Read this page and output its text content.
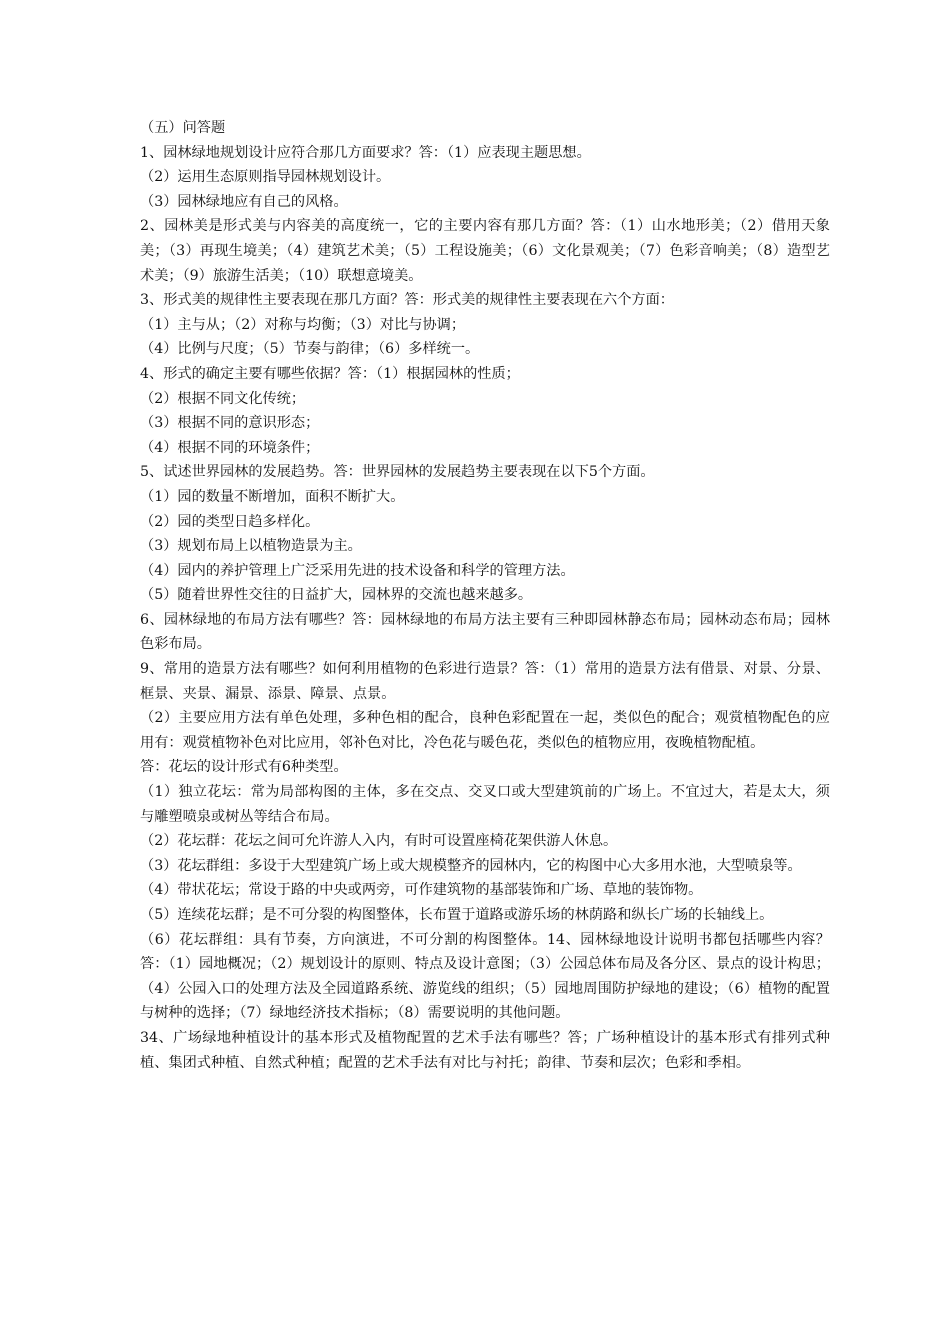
（五）问答题
1、园林绿地规划设计应符合那几方面要求？答：（1）应表现主题思想。
（2）运用生态原则指导园林规划设计。
（3）园林绿地应有自己的风格。
2、园林美是形式美与内容美的高度统一，它的主要内容有那几方面？答：（1）山水地形美；（2）借用天象美；（3）再现生境美；（4）建筑艺术美；（5）工程设施美；（6）文化景观美；（7）色彩音响美；（8）造型艺术美；（9）旅游生活美；（10）联想意境美。
3、形式美的规律性主要表现在那几方面？答：形式美的规律性主要表现在六个方面：
（1）主与从；（2）对称与均衡；（3）对比与协调；
（4）比例与尺度；（5）节奏与韵律；（6）多样统一。
4、形式的确定主要有哪些依据？答：（1）根据园林的性质；
（2）根据不同文化传统；
（3）根据不同的意识形态；
（4）根据不同的环境条件；
5、试述世界园林的发展趋势。答：世界园林的发展趋势主要表现在以下5个方面。
（1）园的数量不断增加，面积不断扩大。
（2）园的类型日趋多样化。
（3）规划布局上以植物造景为主。
（4）园内的养护管理上广泛采用先进的技术设备和科学的管理方法。
（5）随着世界性交往的日益扩大，园林界的交流也越来越多。
6、园林绿地的布局方法有哪些？答：园林绿地的布局方法主要有三种即园林静态布局；园林动态布局；园林色彩布局。
9、常用的造景方法有哪些？如何利用植物的色彩进行造景？答：（1）常用的造景方法有借景、对景、分景、框景、夹景、漏景、添景、障景、点景。
（2）主要应用方法有单色处理，多种色相的配合，良种色彩配置在一起，类似色的配合；观赏植物配色的应用有：观赏植物补色对比应用，邻补色对比，冷色花与暖色花，类似色的植物应用，夜晚植物配植。
答：花坛的设计形式有6种类型。
（1）独立花坛：常为局部构图的主体，多在交点、交叉口或大型建筑前的广场上。不宜过大，若是太大，须与雕塑喷泉或树丛等结合布局。
（2）花坛群：花坛之间可允许游人入内，有时可设置座椅花架供游人休息。
（3）花坛群组：多设于大型建筑广场上或大规模整齐的园林内，它的构图中心大多用水池，大型喷泉等。
（4）带状花坛；常设于路的中央或两旁，可作建筑物的基部装饰和广场、草地的装饰物。
（5）连续花坛群；是不可分裂的构图整体，长布置于道路或游乐场的林荫路和纵长广场的长轴线上。
（6）花坛群组：具有节奏，方向演进，不可分割的构图整体。14、园林绿地设计说明书都包括哪些内容？答：（1）园地概况；（2）规划设计的原则、特点及设计意图；（3）公园总体布局及各分区、景点的设计构思；（4）公园入口的处理方法及全园道路系统、游览线的组织；（5）园地周围防护绿地的建设；（6）植物的配置与树种的选择；（7）绿地经济技术指标；（8）需要说明的其他问题。
34、广场绿地种植设计的基本形式及植物配置的艺术手法有哪些？答；广场种植设计的基本形式有排列式种植、集团式种植、自然式种植；配置的艺术手法有对比与衬托；韵律、节奏和层次；色彩和季相。
